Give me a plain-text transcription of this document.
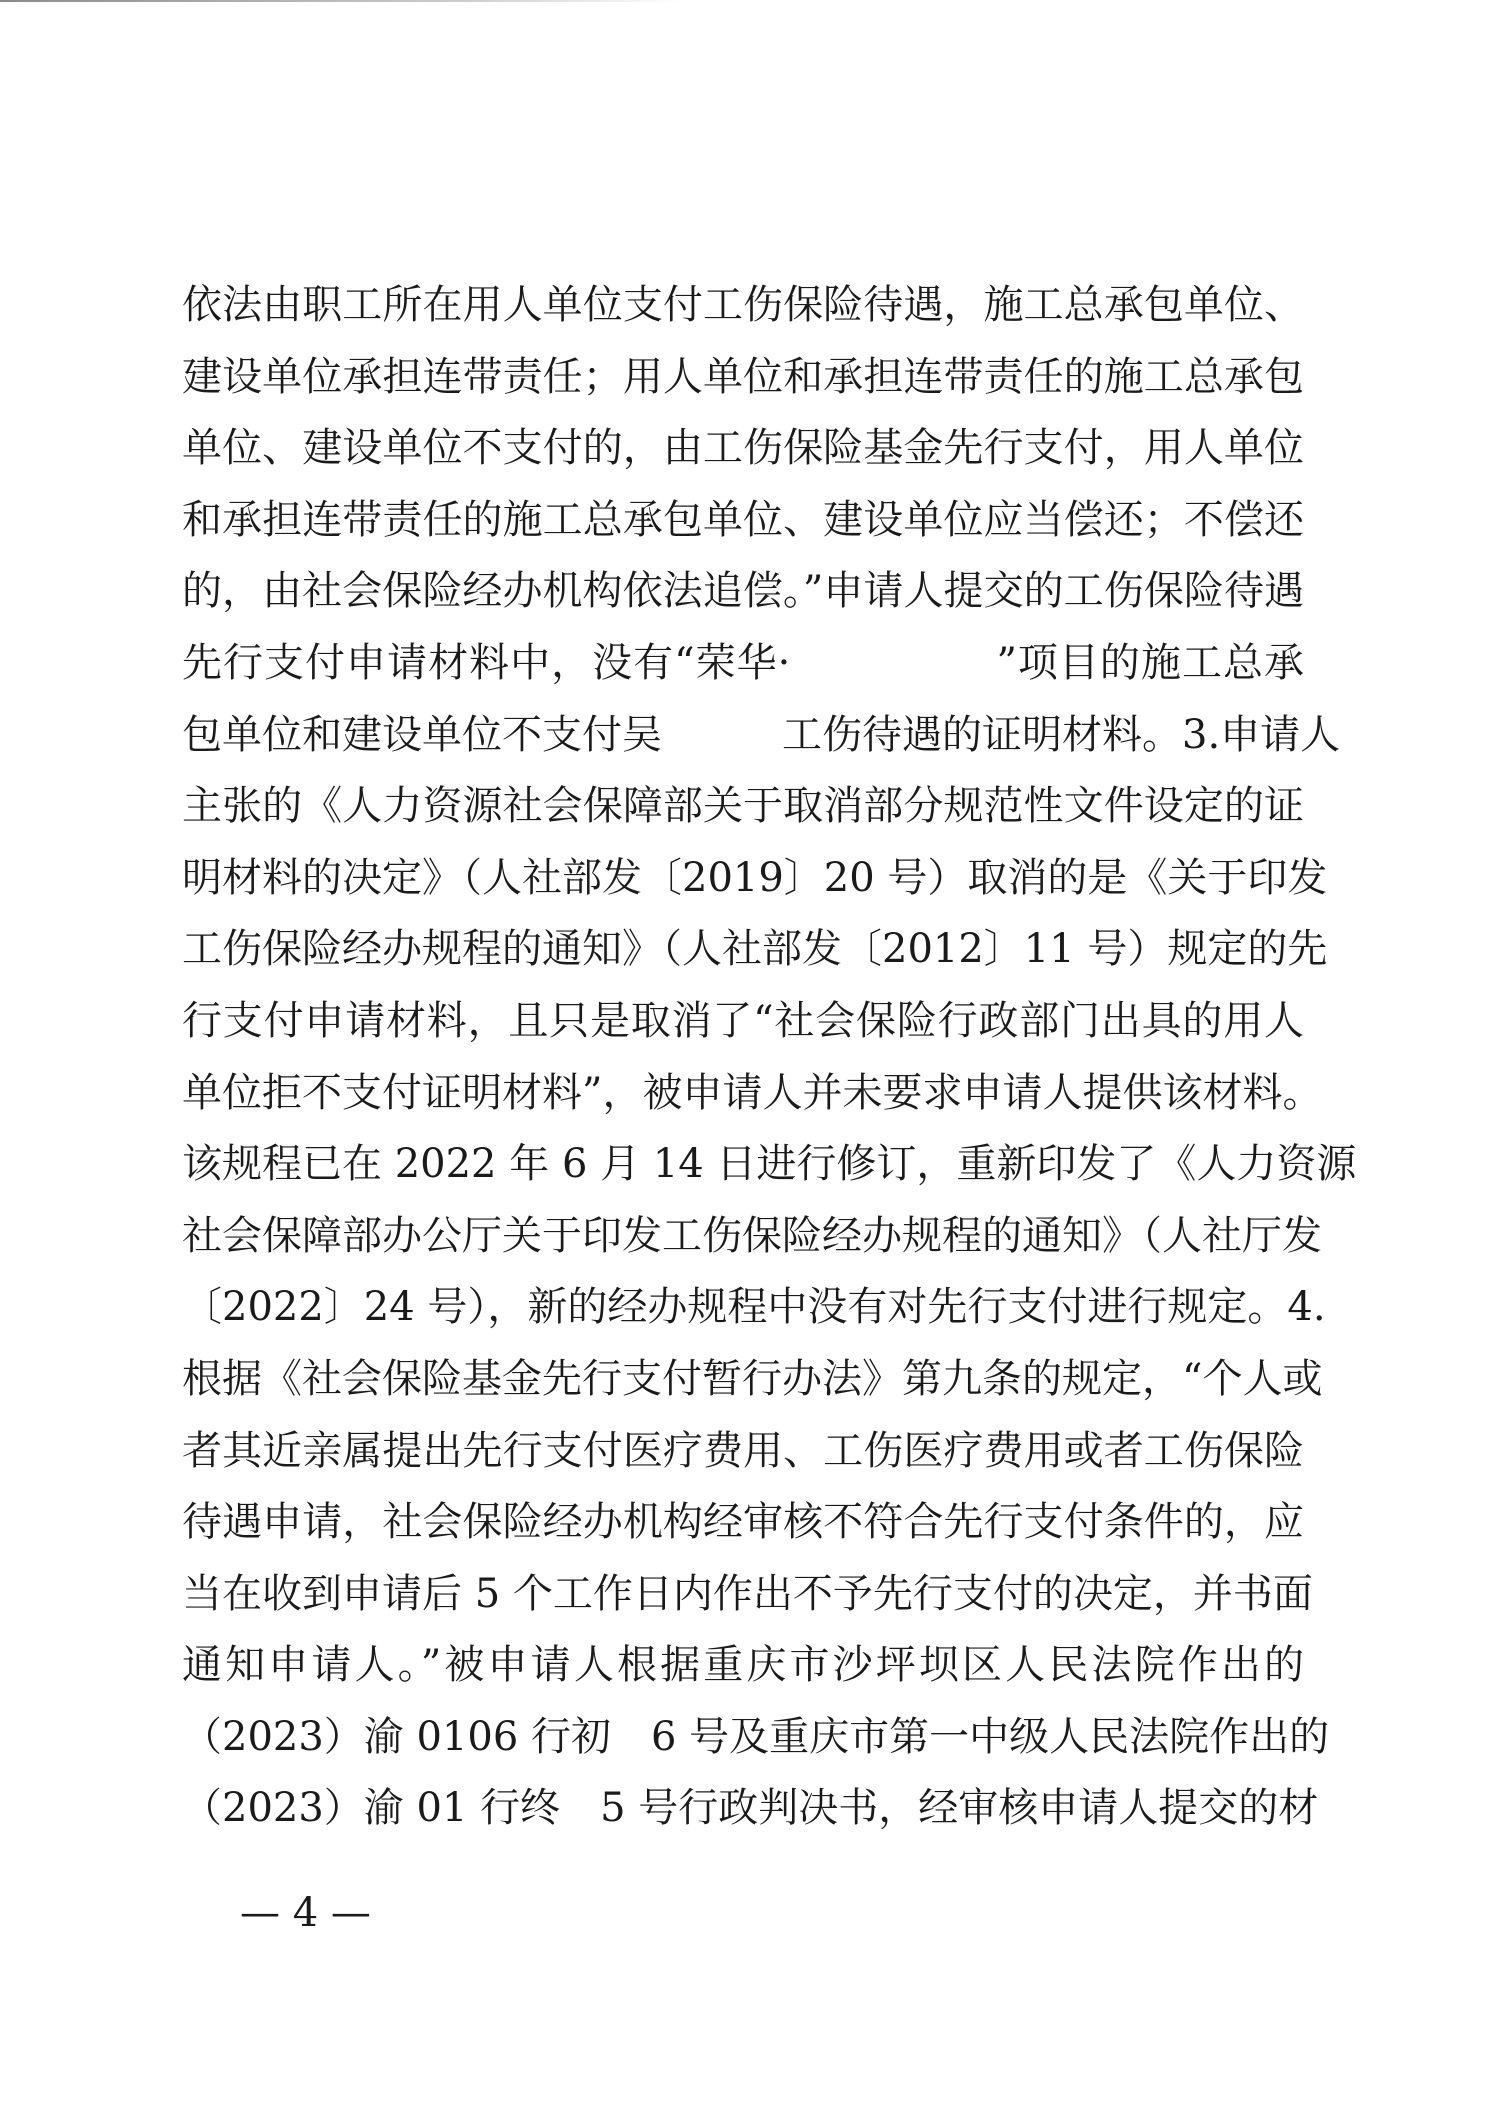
依法由职工所在用人单位支付工伤保险待遇，施工总承包单位、
建设单位承担连带责任；用人单位和承担连带责任的施工总承包
单位、建设单位不支付的，由工伤保险基金先行支付，用人单位
和承担连带责任的施工总承包单位、建设单位应当偿还；不偿还
的，由社会保险经办机构依法追偿。”申请人提交的工伤保险待遇
先行支付申请材料中，没有“荣华·　　　　　”项目的施工总承
包单位和建设单位不支付吴　　　工伤待遇的证明材料。3.申请人
主张的《人力资源社会保障部关于取消部分规范性文件设定的证
明材料的决定》（人社部发〔2019〕20 号）取消的是《关于印发
工伤保险经办规程的通知》（人社部发〔2012〕11 号）规定的先
行支付申请材料，且只是取消了“社会保险行政部门出具的用人
单位拒不支付证明材料”，被申请人并未要求申请人提供该材料。
该规程已在 2022 年 6 月 14 日进行修订，重新印发了《人力资源
社会保障部办公厅关于印发工伤保险经办规程的通知》（人社厅发
〔2022〕24 号），新的经办规程中没有对先行支付进行规定。4.
根据《社会保险基金先行支付暂行办法》第九条的规定，“个人或
者其近亲属提出先行支付医疗费用、工伤医疗费用或者工伤保险
待遇申请，社会保险经办机构经审核不符合先行支付条件的，应
当在收到申请后 5 个工作日内作出不予先行支付的决定，并书面
通知申请人。”被申请人根据重庆市沙坪坝区人民法院作出的
（2023）渝 0106 行初　6 号及重庆市第一中级人民法院作出的
（2023）渝 01 行终　5 号行政判决书，经审核申请人提交的材
— 4 —
